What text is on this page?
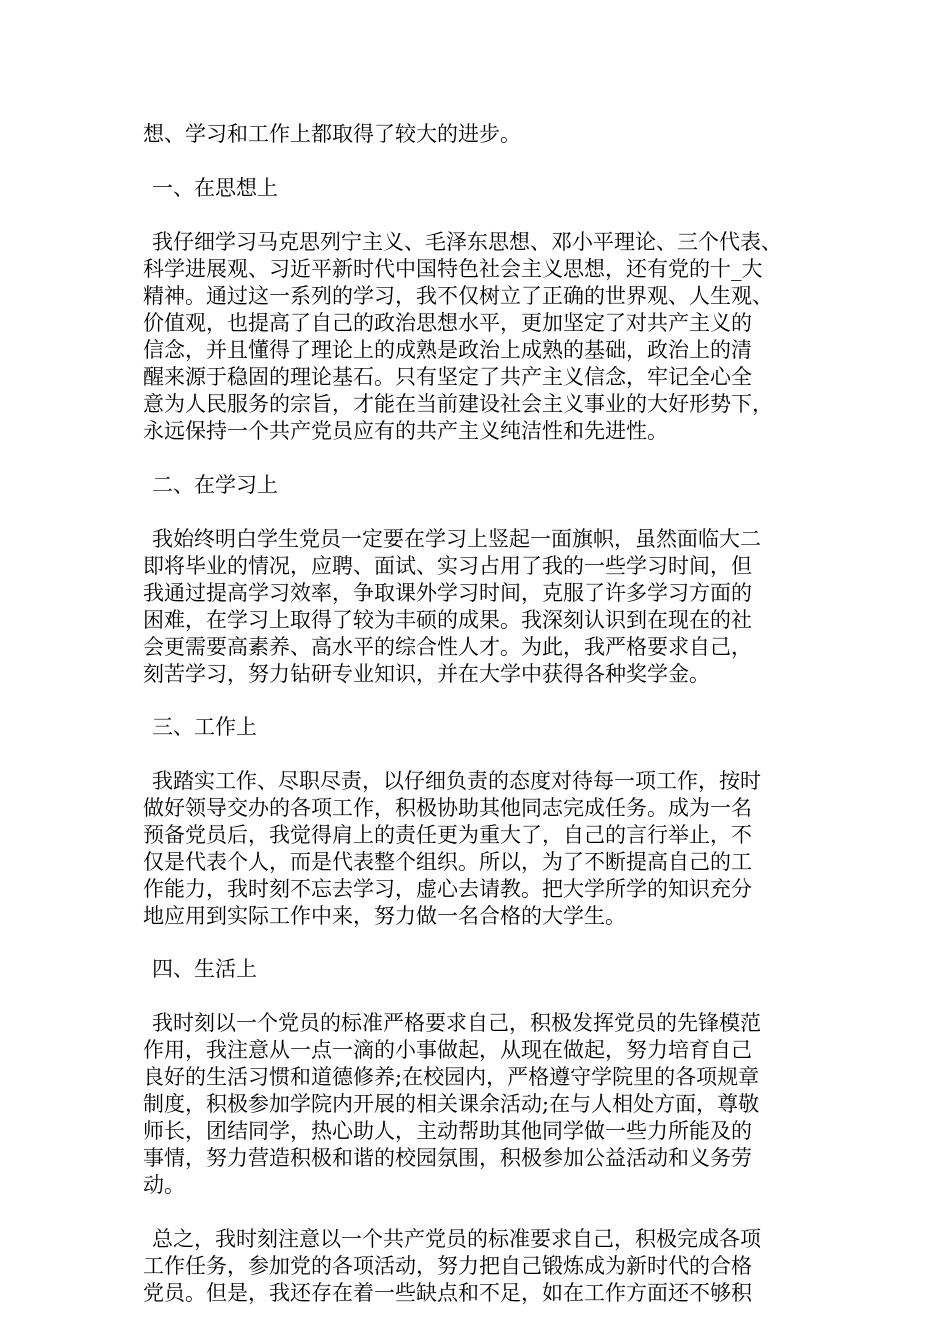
想、学习和工作上都取得了较大的进步。
一、在思想上
我仔细学习马克思列宁主义、毛泽东思想、邓小平理论、三个代表、
科学进展观、习近平新时代中国特色社会主义思想，还有党的十_大
精神。通过这一系列的学习，我不仅树立了正确的世界观、人生观、
价值观，也提高了自己的政治思想水平，更加坚定了对共产主义的
信念，并且懂得了理论上的成熟是政治上成熟的基础，政治上的清
醒来源于稳固的理论基石。只有坚定了共产主义信念，牢记全心全
意为人民服务的宗旨，才能在当前建设社会主义事业的大好形势下，
永远保持一个共产党员应有的共产主义纯洁性和先进性。
二、在学习上
我始终明白学生党员一定要在学习上竖起一面旗帜，虽然面临大二
即将毕业的情况，应聘、面试、实习占用了我的一些学习时间，但
我通过提高学习效率，争取课外学习时间，克服了许多学习方面的
困难，在学习上取得了较为丰硕的成果。我深刻认识到在现在的社
会更需要高素养、高水平的综合性人才。为此，我严格要求自己，
刻苦学习，努力钻研专业知识，并在大学中获得各种奖学金。
三、工作上
我踏实工作、尽职尽责，以仔细负责的态度对待每一项工作，按时
做好领导交办的各项工作，积极协助其他同志完成任务。成为一名
预备党员后，我觉得肩上的责任更为重大了，自己的言行举止，不
仅是代表个人，而是代表整个组织。所以，为了不断提高自己的工
作能力，我时刻不忘去学习，虚心去请教。把大学所学的知识充分
地应用到实际工作中来，努力做一名合格的大学生。
四、生活上
我时刻以一个党员的标准严格要求自己，积极发挥党员的先锋模范
作用，我注意从一点一滴的小事做起，从现在做起，努力培育自己
良好的生活习惯和道德修养;在校园内，严格遵守学院里的各项规章
制度，积极参加学院内开展的相关课余活动;在与人相处方面，尊敬
师长，团结同学，热心助人，主动帮助其他同学做一些力所能及的
事情，努力营造积极和谐的校园氛围，积极参加公益活动和义务劳
动。
总之，我时刻注意以一个共产党员的标准要求自己，积极完成各项
工作任务，参加党的各项活动，努力把自己锻炼成为新时代的合格
党员。但是，我还存在着一些缺点和不足，如在工作方面还不够积
